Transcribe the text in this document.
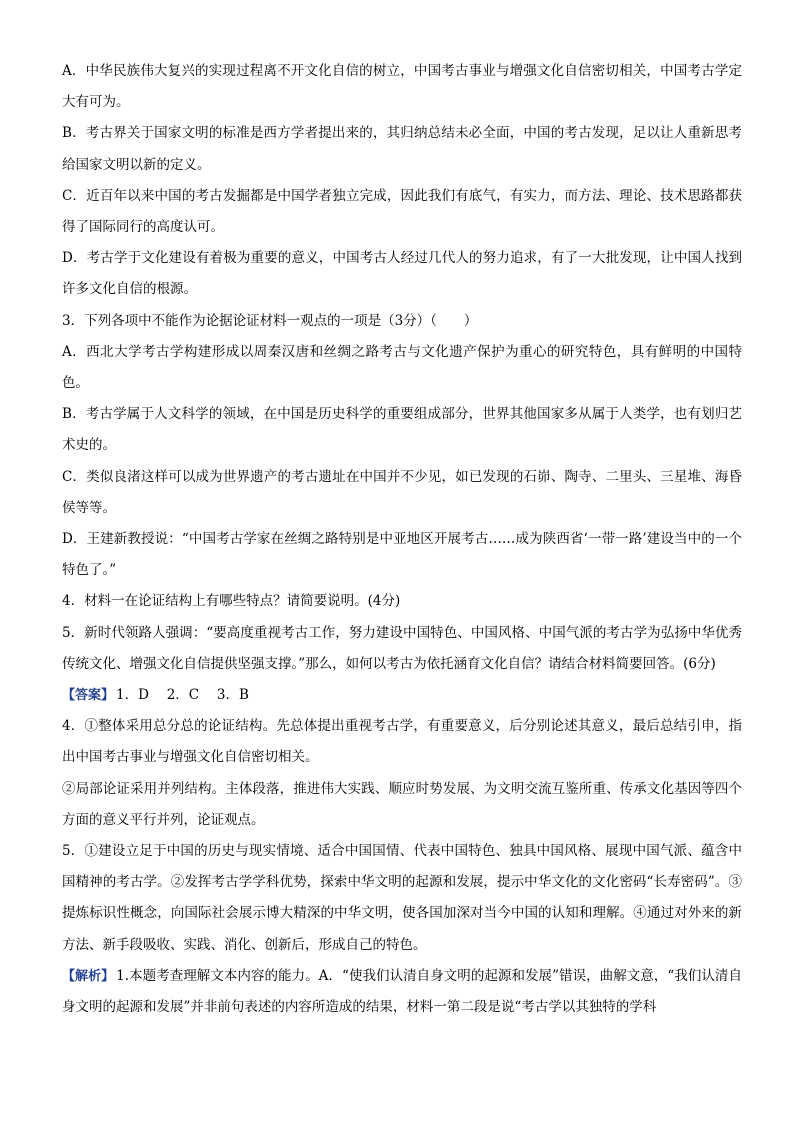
A．中华民族伟大复兴的实现过程离不开文化自信的树立，中国考古事业与增强文化自信密切相关，中国考古学定大有可为。

B．考古界关于国家文明的标准是西方学者提出来的，其归纳总结未必全面，中国的考古发现，足以让人重新思考给国家文明以新的定义。

C．近百年以来中国的考古发掘都是中国学者独立完成，因此我们有底气，有实力，而方法、理论、技术思路都获得了国际同行的高度认可。

D．考古学于文化建设有着极为重要的意义，中国考古人经过几代人的努力追求，有了一大批发现，让中国人找到许多文化自信的根源。

3．下列各项中不能作为论据论证材料一观点的一项是（3分）（　　）

A．西北大学考古学构建形成以周秦汉唐和丝绸之路考古与文化遗产保护为重心的研究特色，具有鲜明的中国特色。

B．考古学属于人文科学的领域，在中国是历史科学的重要组成部分，世界其他国家多从属于人类学，也有划归艺术史的。

C．类似良渚这样可以成为世界遗产的考古遗址在中国并不少见，如已发现的石峁、陶寺、二里头、三星堆、海昏侯等等。

D．王建新教授说：“中国考古学家在丝绸之路特别是中亚地区开展考古……成为陕西省‘一带一路’建设当中的一个特色了。”

4．材料一在论证结构上有哪些特点？请简要说明。(4分)

5．新时代领路人强调：“要高度重视考古工作，努力建设中国特色、中国风格、中国气派的考古学为弘扬中华优秀传统文化、增强文化自信提供坚强支撑。”那么，如何以考古为依托涵育文化自信？请结合材料简要回答。(6分)

【答案】 1．D　 2．C　 3．B

4．①整体采用总分总的论证结构。先总体提出重视考古学，有重要意义，后分别论述其意义，最后总结引申，指出中国考古事业与增强文化自信密切相关。

②局部论证采用并列结构。主体段落，推进伟大实践、顺应时势发展、为文明交流互鉴所重、传承文化基因等四个方面的意义平行并列，论证观点。

5．①建设立足于中国的历史与现实情境、适合中国国情、代表中国特色、独具中国风格、展现中国气派、蕴含中国精神的考古学。②发挥考古学学科优势，探索中华文明的起源和发展，提示中华文化的文化密码“长寿密码”。③提炼标识性概念，向国际社会展示博大精深的中华文明，使各国加深对当今中国的认知和理解。④通过对外来的新方法、新手段吸收、实践、消化、创新后，形成自己的特色。

【解析】 1.本题考查理解文本内容的能力。A．“使我们认清自身文明的起源和发展”错误，曲解文意，“我们认清自身文明的起源和发展”并非前句表述的内容所造成的结果，材料一第二段是说“考古学以其独特的学科
